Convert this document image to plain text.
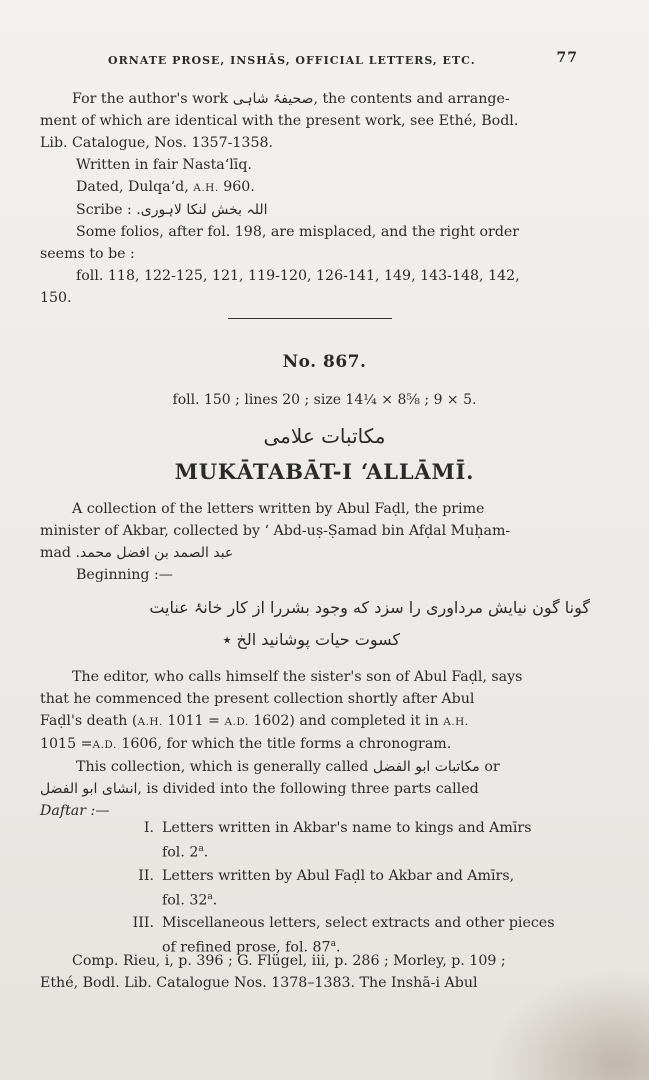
ORNATE PROSE, INSHĀS, OFFICIAL LETTERS, ETC.	77

For the author's work صحیفۂ شاہی, the contents and arrange-

ment of which are identical with the present work, see Ethé, Bodl.

Lib. Catalogue, Nos. 1357-1358.

Written in fair Nastaʻlīq.

Dated, Dulqaʻd, A.H. 960.

Scribe : اللہ بخش لنکا لاہوری.

Some folios, after fol. 198, are misplaced, and the right order

seems to be :

foll. 118, 122-125, 121, 119-120, 126-141, 149, 143-148, 142,

150.

No. 867.
foll. 150 ; lines 20 ; size 14¼ × 8⅝ ; 9 × 5.
مکاتبات علامی
MUKĀTABĀT-I ʻALLĀMĪ.

A collection of the letters written by Abul Faḍl, the prime

minister of Akbar, collected by ʻ Abd-uṣ-Ṣamad bin Afḍal Muḥam-

mad عبد الصمد بن افضل محمد.

Beginning :—

گونا گون نیایش مرداوری را سزد که وجود بشررا از کار خانۂ عنایت
کسوت حیات پوشانید الخ ٭

The editor, who calls himself the sister's son of Abul Faḍl, says

that he commenced the present collection shortly after Abul

Faḍl's death (A.H. 1011 = A.D. 1602) and completed it in A.H.

1015 =A.D. 1606, for which the title forms a chronogram.

This collection, which is generally called مکاتبات ابو الفضل or

انشای ابو الفضل, is divided into the following three parts called

Daftar :—

I. Letters written in Akbar's name to kings and Amīrs
fol. 2$^a$.
II. Letters written by Abul Faḍl to Akbar and Amīrs,
fol. 32$^a$.
III. Miscellaneous letters, select extracts and other pieces
of refined prose, fol. 87$^a$.

Comp. Rieu, i, p. 396 ; G. Flügel, iii, p. 286 ; Morley, p. 109 ;

Ethé, Bodl. Lib. Catalogue Nos. 1378–1383. The Inshā-i Abul
